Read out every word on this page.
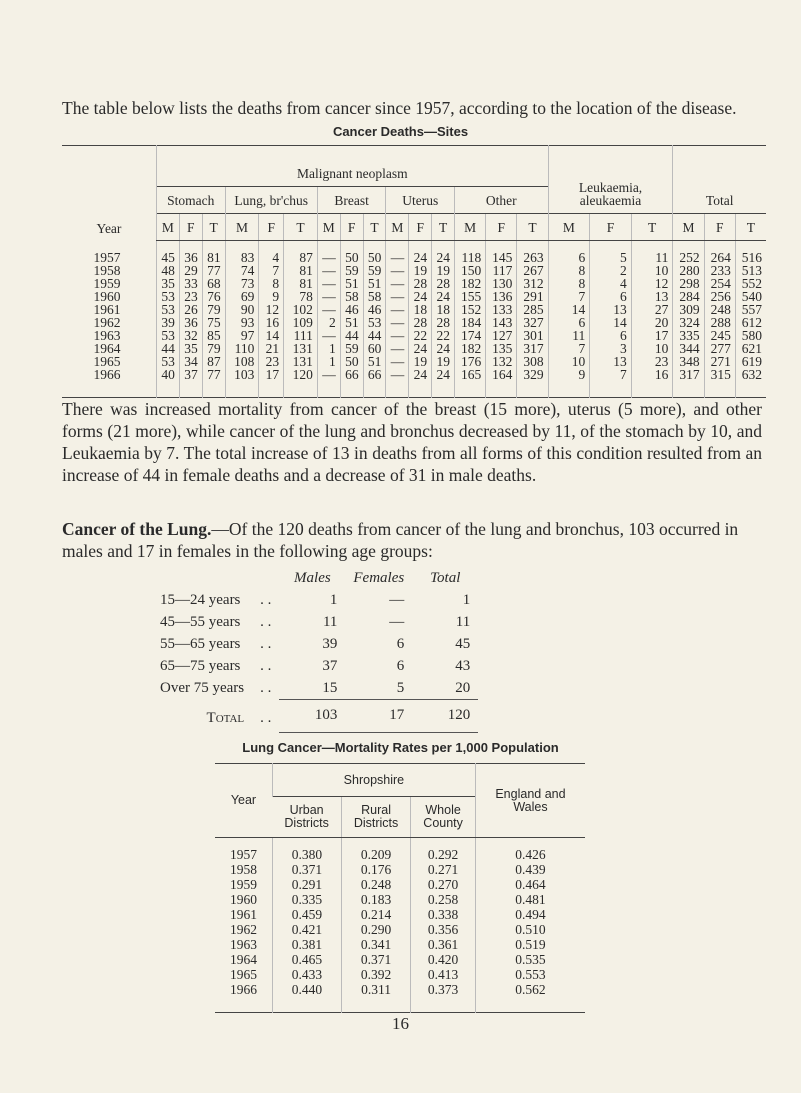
The table below lists the deaths from cancer since 1957, according to the location of the disease.
Cancer Deaths—Sites
Year	Malignant neoplasm															Leukaemia, aleukaemia			Total		
	Stomach			Lung, br'chus			Breast			Uterus			Other								
	M	F	T	M	F	T	M	F	T	M	F	T	M	F	T	M	F	T	M	F	T
1957	45	36	81	83	4	87	—	50	50	—	24	24	118	145	263	6	5	11	252	264	516
1958	48	29	77	74	7	81	—	59	59	—	19	19	150	117	267	8	2	10	280	233	513
1959	35	33	68	73	8	81	—	51	51	—	28	28	182	130	312	8	4	12	298	254	552
1960	53	23	76	69	9	78	—	58	58	—	24	24	155	136	291	7	6	13	284	256	540
1961	53	26	79	90	12	102	—	46	46	—	18	18	152	133	285	14	13	27	309	248	557
1962	39	36	75	93	16	109	2	51	53	—	28	28	184	143	327	6	14	20	324	288	612
1963	53	32	85	97	14	111	—	44	44	—	22	22	174	127	301	11	6	17	335	245	580
1964	44	35	79	110	21	131	1	59	60	—	24	24	182	135	317	7	3	10	344	277	621
1965	53	34	87	108	23	131	1	50	51	—	19	19	176	132	308	10	13	23	348	271	619
1966	40	37	77	103	17	120	—	66	66	—	24	24	165	164	329	9	7	16	317	315	632
There was increased mortality from cancer of the breast (15 more), uterus (5 more), and other forms (21 more), while cancer of the lung and bronchus decreased by 11, of the stomach by 10, and Leukaemia by 7. The total increase of 13 in deaths from all forms of this condition resulted from an increase of 44 in female deaths and a decrease of 31 in male deaths.
Cancer of the Lung.—Of the 120 deaths from cancer of the lung and bronchus, 103 occurred in males and 17 in females in the following age groups:
		Males	Females	Total
15—24 years	. .	1	—	1
45—55 years	. .	11	—	11
55—65 years	. .	39	6	45
65—75 years	. .	37	6	43
Over 75 years	. .	15	5	20
Total	. .	103	17	120
Lung Cancer—Mortality Rates per 1,000 Population
Year	Shropshire			England and Wales
	Urban Districts	Rural Districts	Whole County	
1957	0.380	0.209	0.292	0.426
1958	0.371	0.176	0.271	0.439
1959	0.291	0.248	0.270	0.464
1960	0.335	0.183	0.258	0.481
1961	0.459	0.214	0.338	0.494
1962	0.421	0.290	0.356	0.510
1963	0.381	0.341	0.361	0.519
1964	0.465	0.371	0.420	0.535
1965	0.433	0.392	0.413	0.553
1966	0.440	0.311	0.373	0.562
16
